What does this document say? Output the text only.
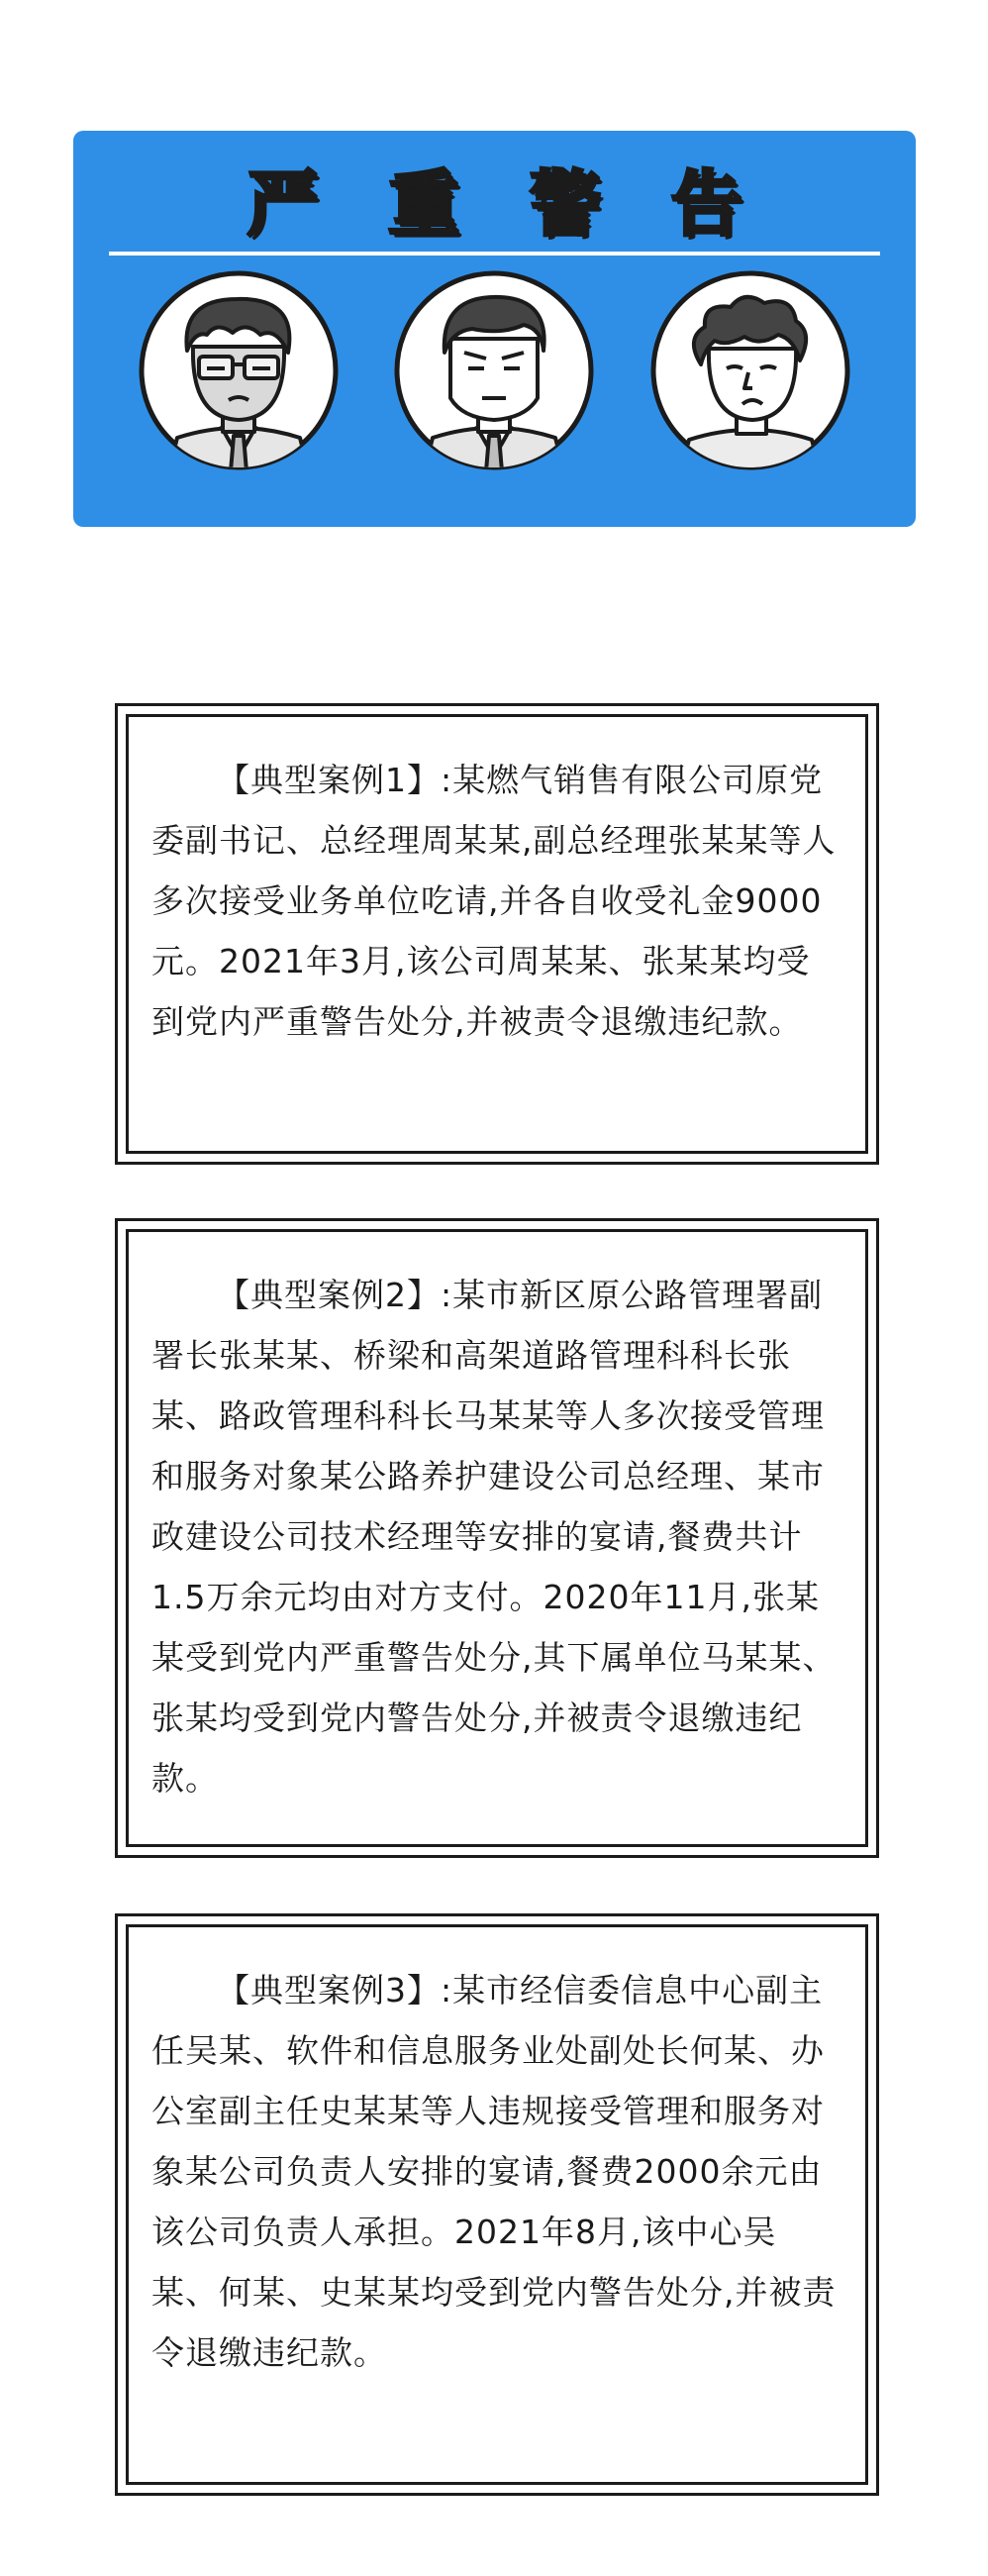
严 重 警 告

【典型案例1】:某燃气销售有限公司原党委副书记、总经理周某某,副总经理张某某等人多次接受业务单位吃请,并各自收受礼金9000元。2021年3月,该公司周某某、张某某均受到党内严重警告处分,并被责令退缴违纪款。

【典型案例2】:某市新区原公路管理署副署长张某某、桥梁和高架道路管理科科长张某、路政管理科科长马某某等人多次接受管理和服务对象某公路养护建设公司总经理、某市政建设公司技术经理等安排的宴请,餐费共计1.5万余元均由对方支付。2020年11月,张某某受到党内严重警告处分,其下属单位马某某、张某均受到党内警告处分,并被责令退缴违纪款。

【典型案例3】:某市经信委信息中心副主任吴某、软件和信息服务业处副处长何某、办公室副主任史某某等人违规接受管理和服务对象某公司负责人安排的宴请,餐费2000余元由该公司负责人承担。2021年8月,该中心吴某、何某、史某某均受到党内警告处分,并被责令退缴违纪款。
